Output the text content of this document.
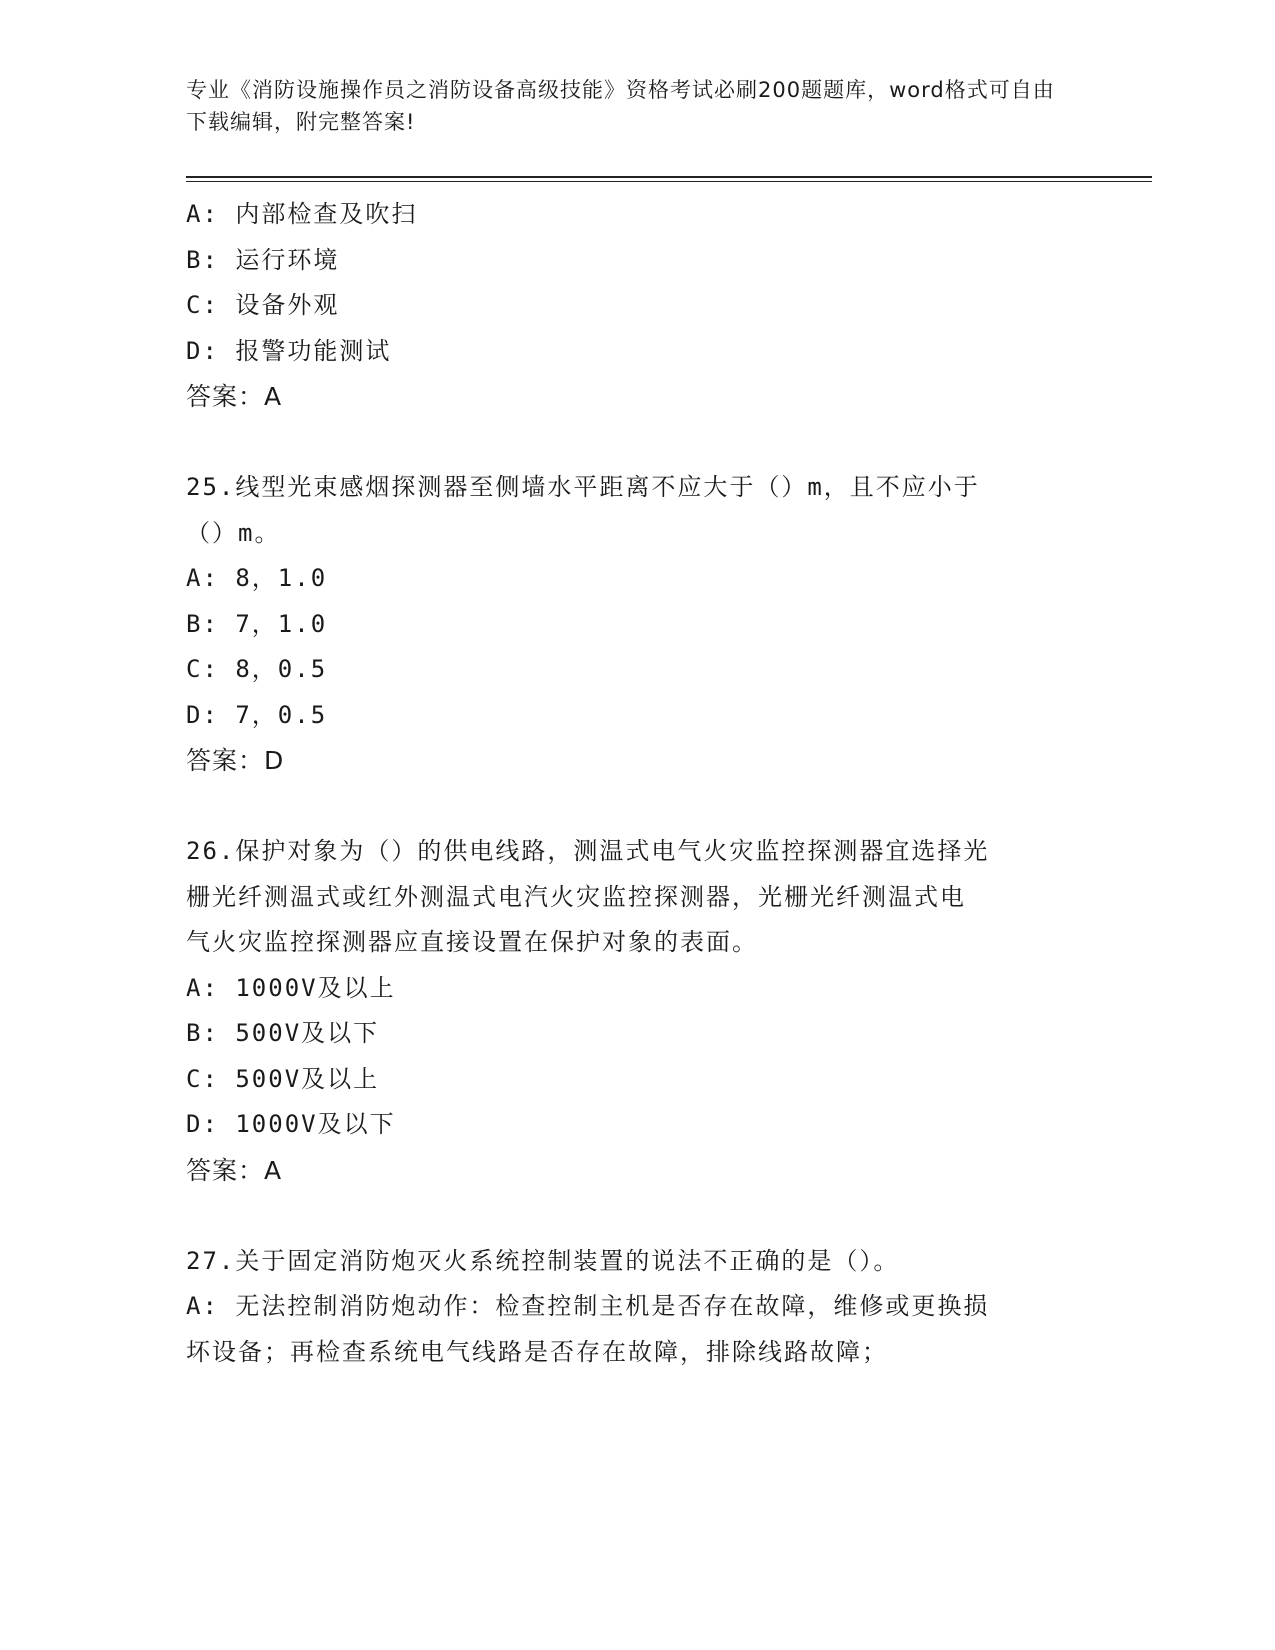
专业《消防设施操作员之消防设备高级技能》资格考试必刷200题题库，word格式可自由下载编辑，附完整答案!
A: 内部检查及吹扫
B: 运行环境
C: 设备外观
D: 报警功能测试
答案：A
25.线型光束感烟探测器至侧墙水平距离不应大于（）m，且不应小于
（）m。
A: 8，1.0
B: 7，1.0
C: 8，0.5
D: 7，0.5
答案：D
26.保护对象为（）的供电线路，测温式电气火灾监控探测器宜选择光
栅光纤测温式或红外测温式电汽火灾监控探测器，光栅光纤测温式电
气火灾监控探测器应直接设置在保护对象的表面。
A: 1000V及以上
B: 500V及以下
C: 500V及以上
D: 1000V及以下
答案：A
27.关于固定消防炮灭火系统控制装置的说法不正确的是（）。
A: 无法控制消防炮动作：检查控制主机是否存在故障，维修或更换损
坏设备；再检查系统电气线路是否存在故障，排除线路故障；
